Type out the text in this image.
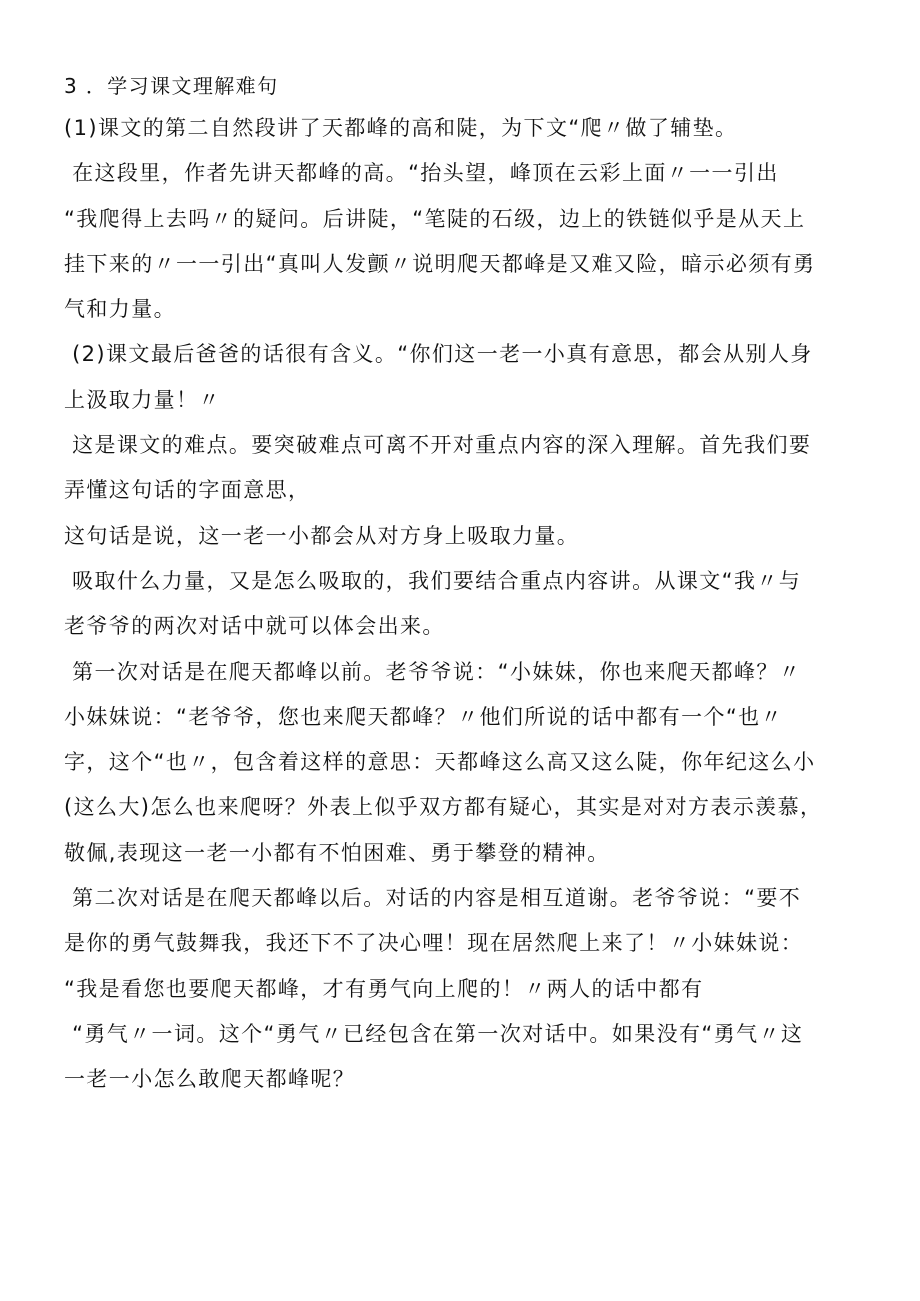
3 ．学习课文理解难句
(1)课文的第二自然段讲了天都峰的高和陡，为下文“爬〃做了辅垫。
在这段里，作者先讲天都峰的高。“抬头望，峰顶在云彩上面〃一一引出
“我爬得上去吗〃的疑问。后讲陡，“笔陡的石级，边上的铁链似乎是从天上
挂下来的〃一一引出“真叫人发颤〃说明爬天都峰是又难又险，暗示必须有勇
气和力量。
(2)课文最后爸爸的话很有含义。“你们这一老一小真有意思，都会从别人身
上汲取力量！〃
这是课文的难点。要突破难点可离不开对重点内容的深入理解。首先我们要
弄懂这句话的字面意思，
这句话是说，这一老一小都会从对方身上吸取力量。
吸取什么力量，又是怎么吸取的，我们要结合重点内容讲。从课文“我〃与
老爷爷的两次对话中就可以体会出来。
第一次对话是在爬天都峰以前。老爷爷说：“小妹妹，你也来爬天都峰？〃
小妹妹说：“老爷爷，您也来爬天都峰？〃他们所说的话中都有一个“也〃
字，这个“也〃，包含着这样的意思：天都峰这么高又这么陡，你年纪这么小
(这么大)怎么也来爬呀？外表上似乎双方都有疑心，其实是对对方表示羡慕，
敬佩,表现这一老一小都有不怕困难、勇于攀登的精神。
第二次对话是在爬天都峰以后。对话的内容是相互道谢。老爷爷说：“要不
是你的勇气鼓舞我，我还下不了决心哩！现在居然爬上来了！〃小妹妹说：
“我是看您也要爬天都峰，才有勇气向上爬的！〃两人的话中都有
“勇气〃一词。这个“勇气〃已经包含在第一次对话中。如果没有“勇气〃这
一老一小怎么敢爬天都峰呢？
